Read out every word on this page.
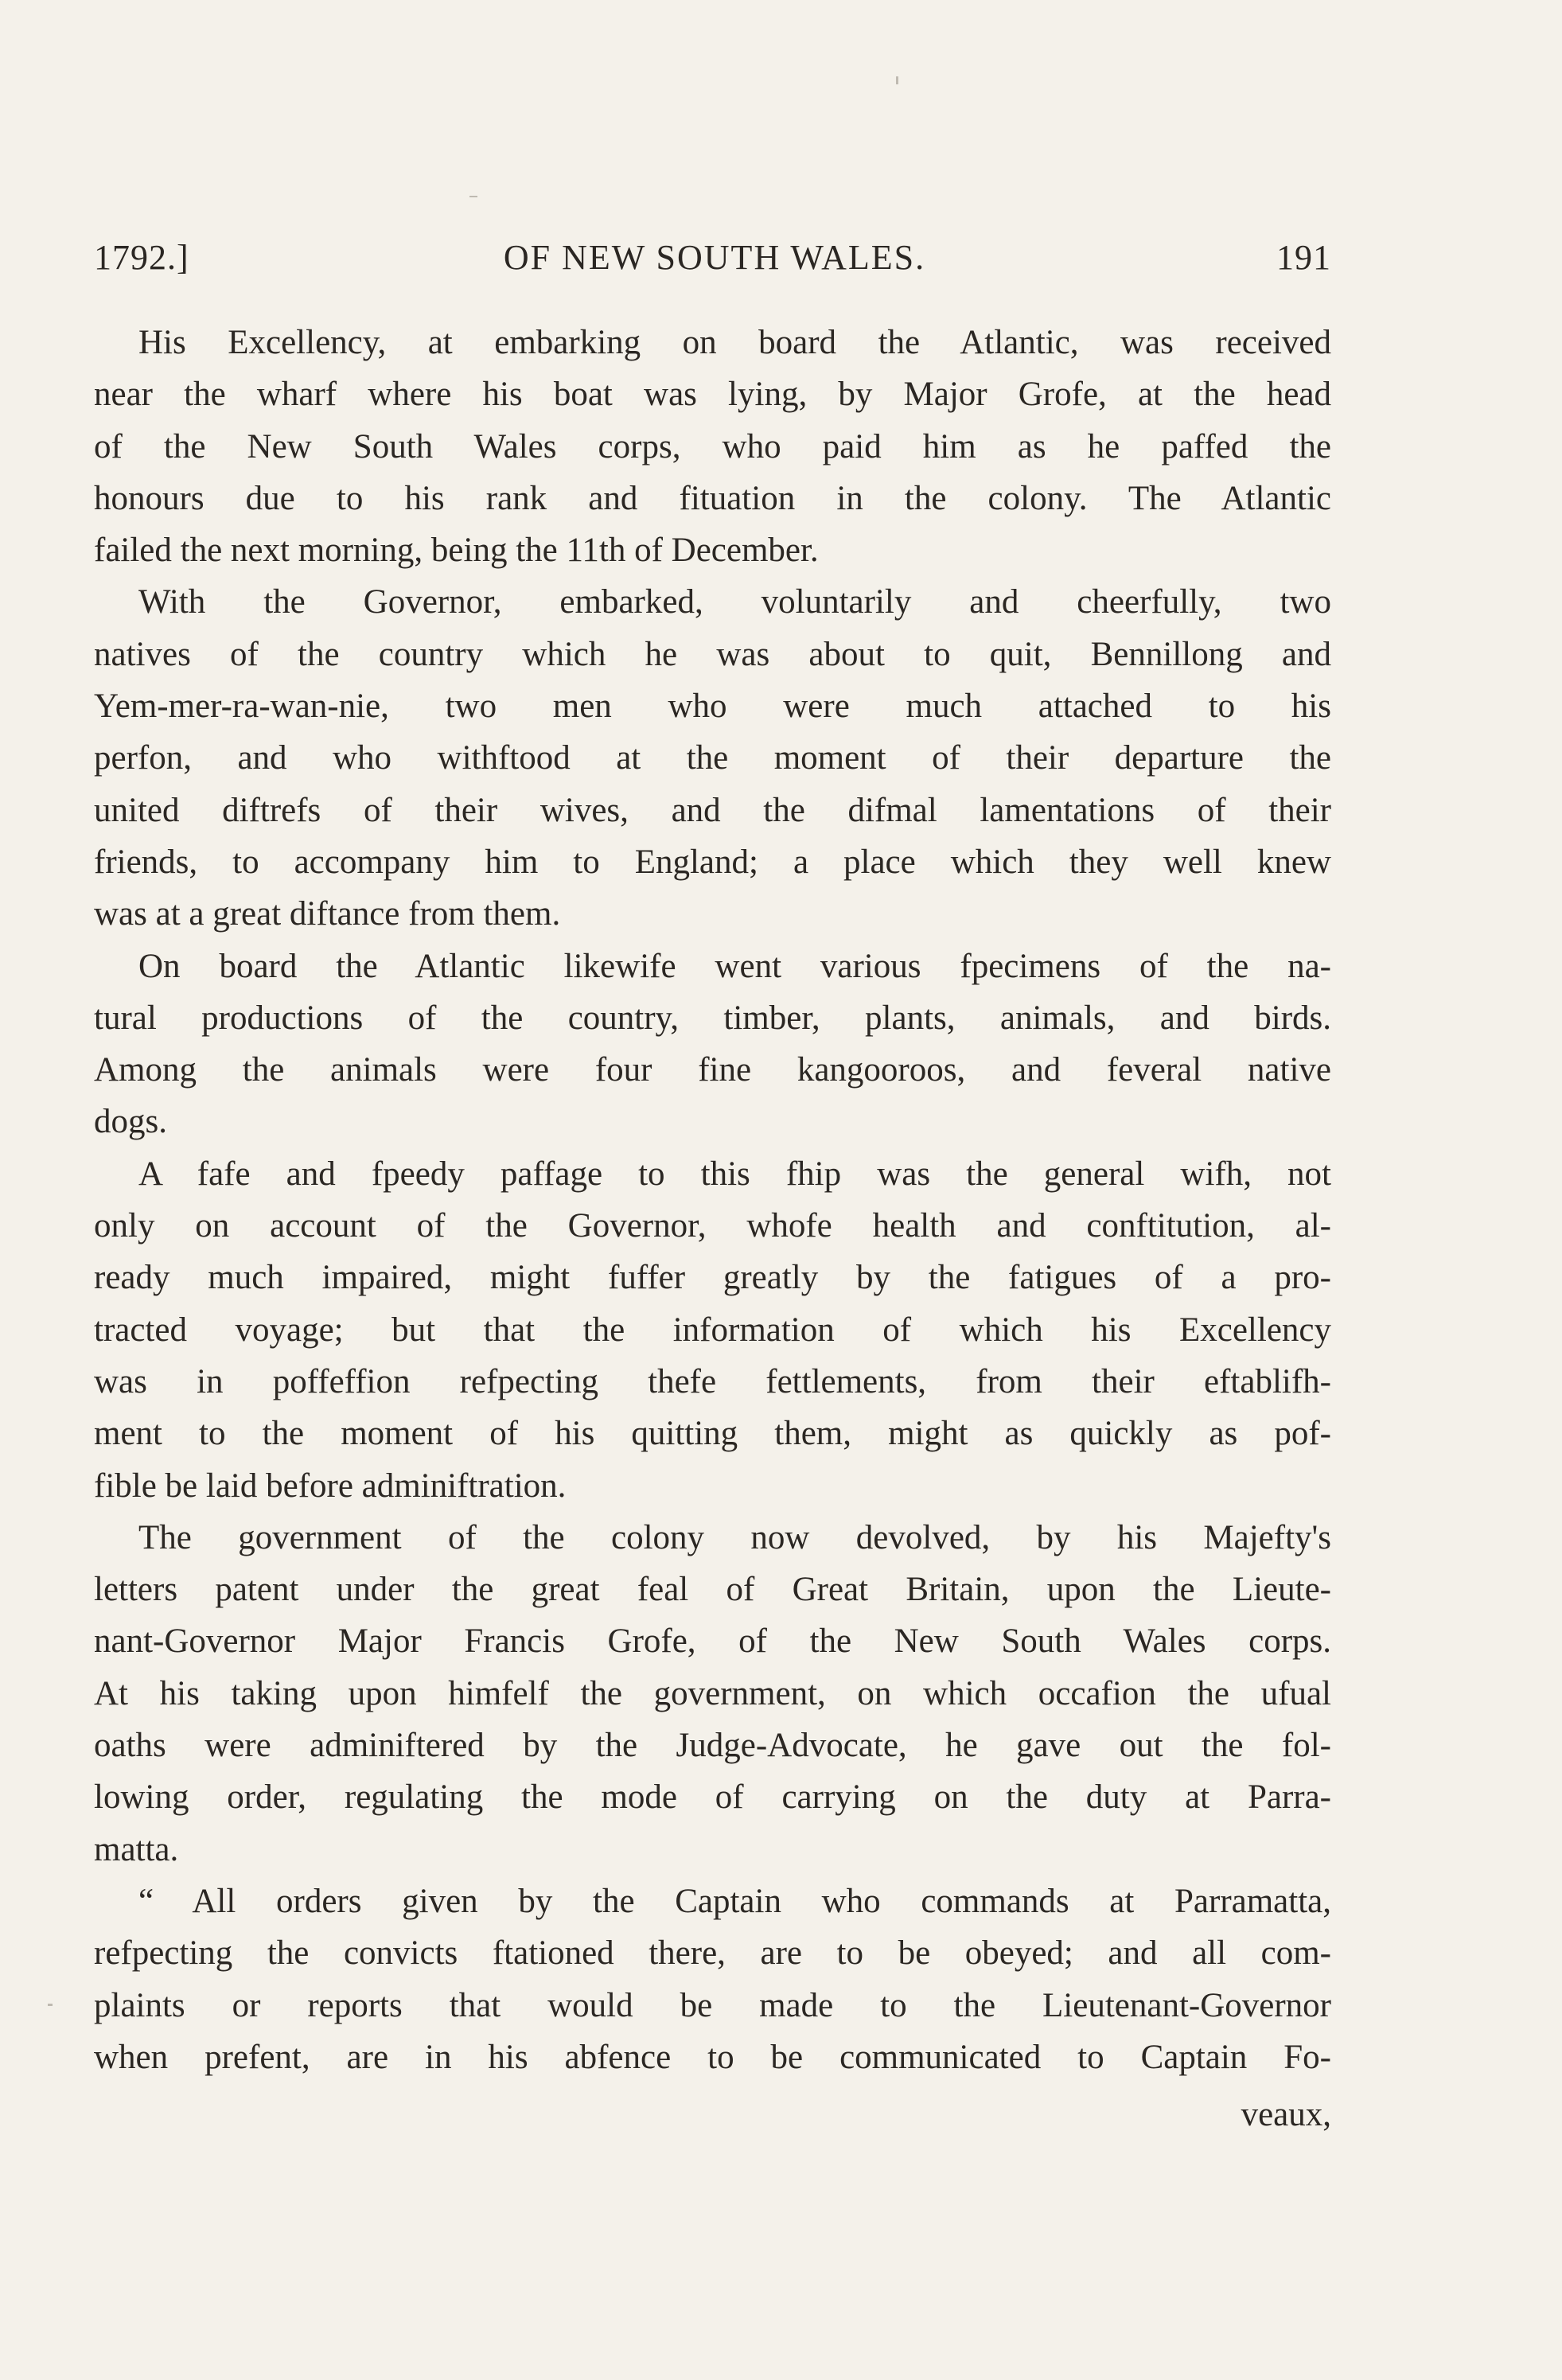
1792.]	OF NEW SOUTH WALES.	191
His Excellency, at embarking on board the Atlantic, was received
near the wharf where his boat was lying, by Major Grofe, at the head
of the New South Wales corps, who paid him as he paffed the
honours due to his rank and fituation in the colony. The Atlantic
failed the next morning, being the 11th of December.
With the Governor, embarked, voluntarily and cheerfully, two
natives of the country which he was about to quit, Bennillong and
Yem-mer-ra-wan-nie, two men who were much attached to his
perfon, and who withftood at the moment of their departure the
united diftrefs of their wives, and the difmal lamentations of their
friends, to accompany him to England; a place which they well knew
was at a great diftance from them.
On board the Atlantic likewife went various fpecimens of the na-
tural productions of the country, timber, plants, animals, and birds.
Among the animals were four fine kangooroos, and feveral native
dogs.
A fafe and fpeedy paffage to this fhip was the general wifh, not
only on account of the Governor, whofe health and conftitution, al-
ready much impaired, might fuffer greatly by the fatigues of a pro-
tracted voyage; but that the information of which his Excellency
was in poffeffion refpecting thefe fettlements, from their eftablifh-
ment to the moment of his quitting them, might as quickly as pof-
fible be laid before adminiftration.
The government of the colony now devolved, by his Majefty's
letters patent under the great feal of Great Britain, upon the Lieute-
nant-Governor Major Francis Grofe, of the New South Wales corps.
At his taking upon himfelf the government, on which occafion the ufual
oaths were adminiftered by the Judge-Advocate, he gave out the fol-
lowing order, regulating the mode of carrying on the duty at Parra-
matta.
“ All orders given by the Captain who commands at Parramatta,
refpecting the convicts ftationed there, are to be obeyed; and all com-
plaints or reports that would be made to the Lieutenant-Governor
when prefent, are in his abfence to be communicated to Captain Fo-
veaux,
